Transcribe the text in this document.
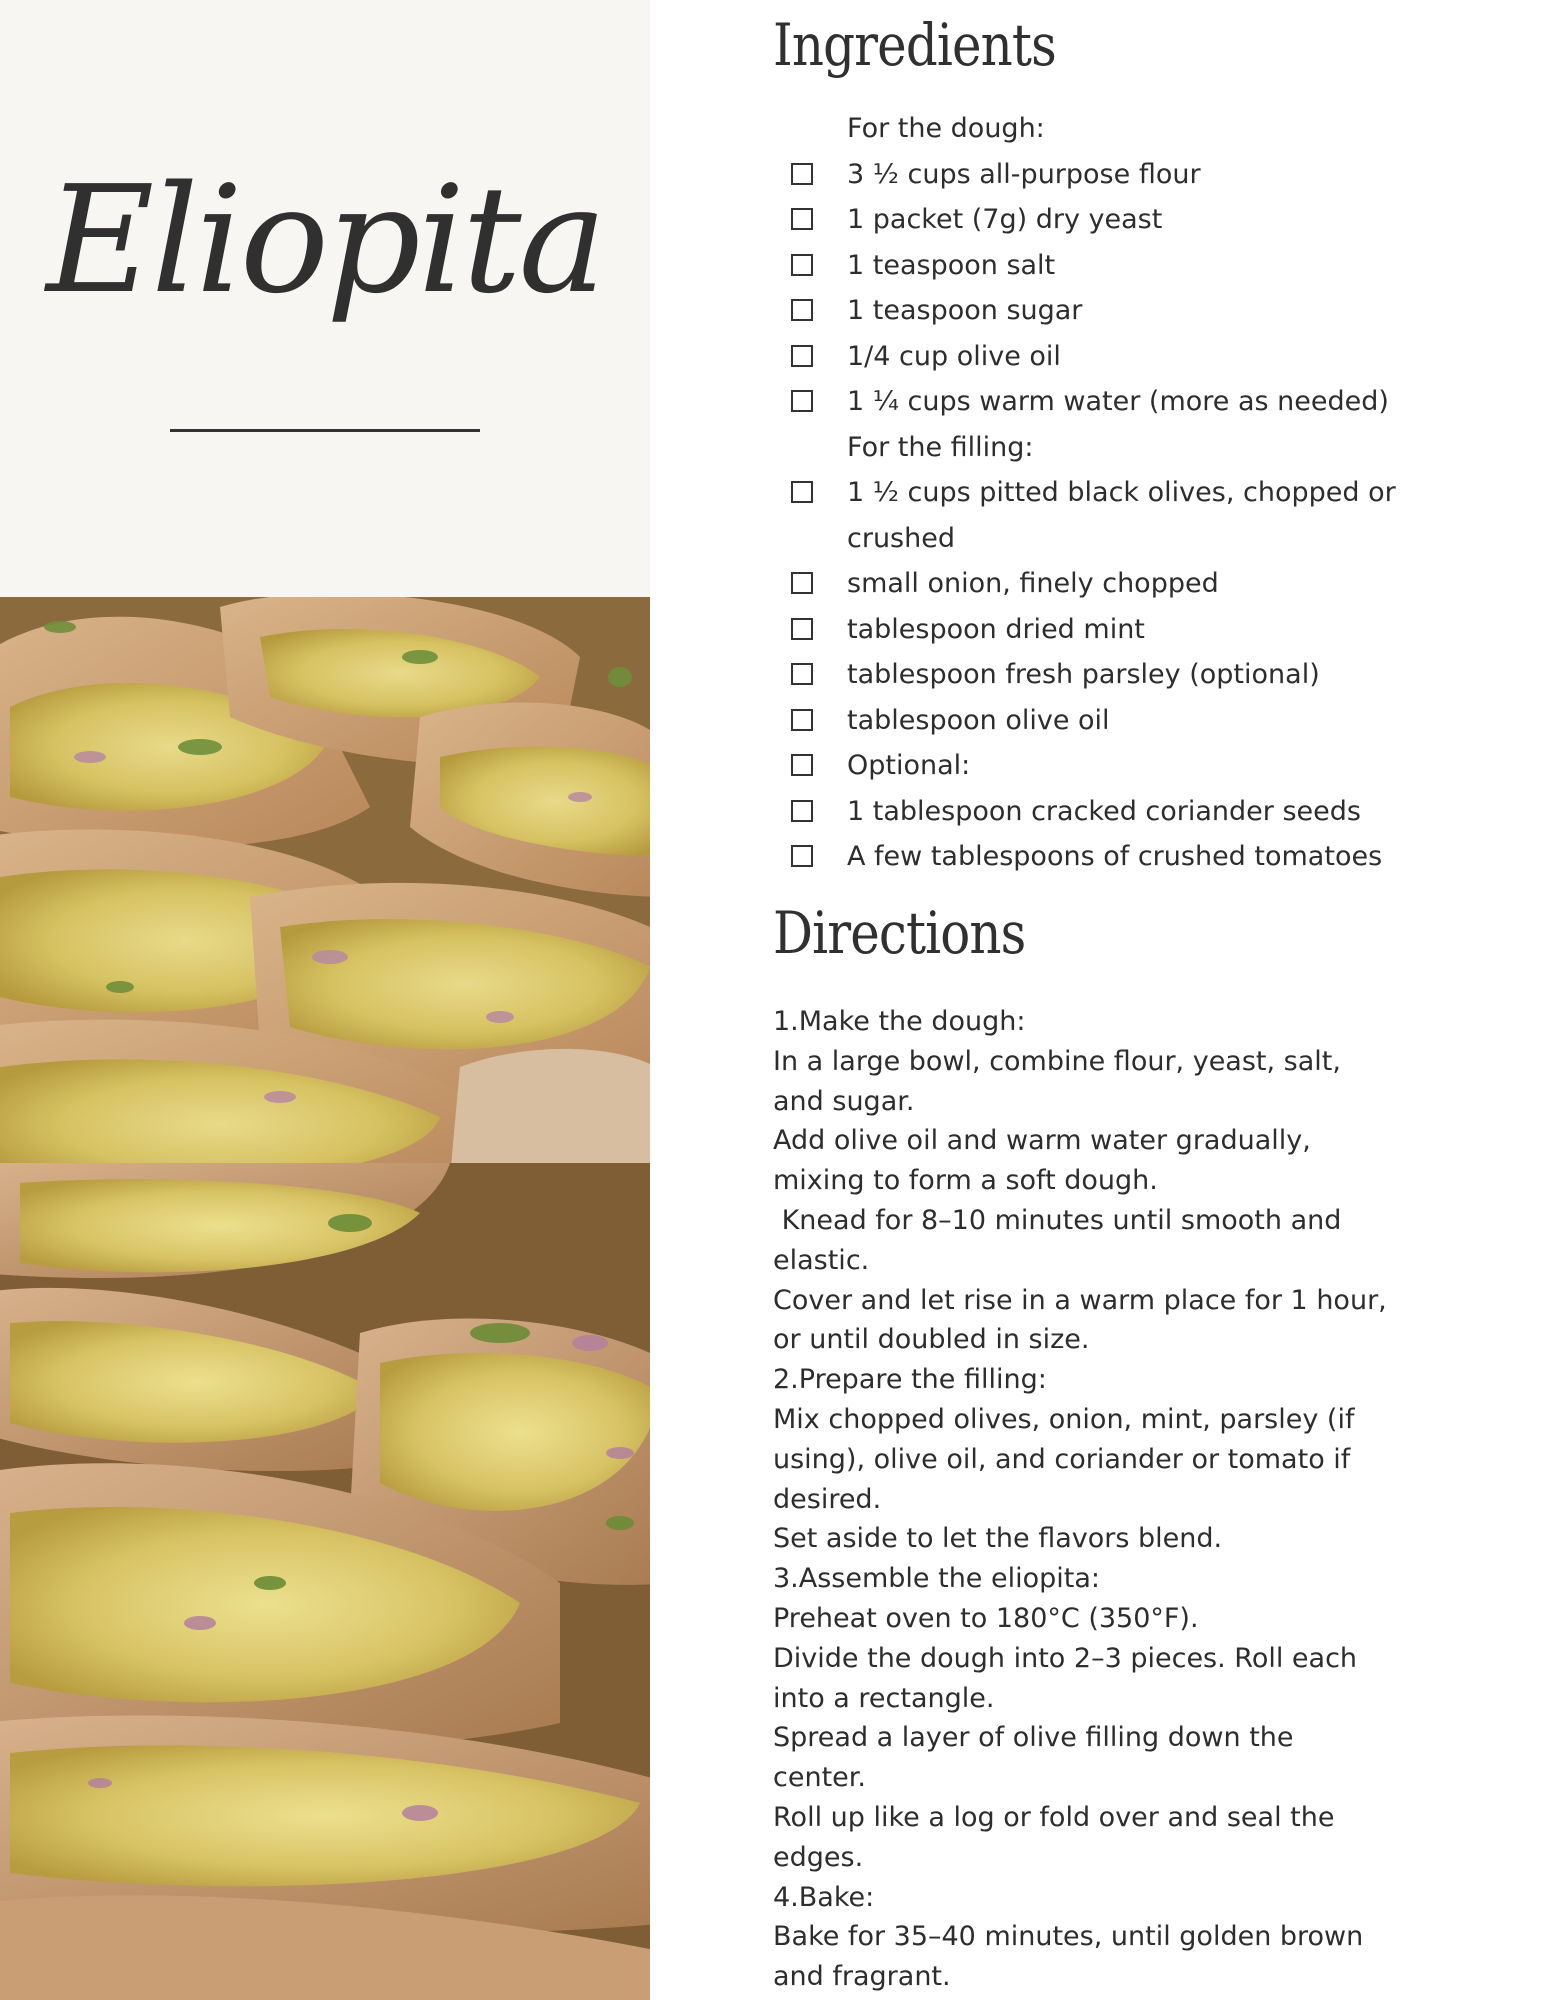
Eliopita
Ingredients
For the dough:
3 ½ cups all-purpose flour
1 packet (7g) dry yeast
1 teaspoon salt
1 teaspoon sugar
1/4 cup olive oil
1 ¼ cups warm water (more as needed)
For the filling:
1 ½ cups pitted black olives, chopped or crushed
small onion, finely chopped
tablespoon dried mint
tablespoon fresh parsley (optional)
tablespoon olive oil
Optional:
1 tablespoon cracked coriander seeds
A few tablespoons of crushed tomatoes
Directions
1.Make the dough:
In a large bowl, combine flour, yeast, salt,
and sugar.
Add olive oil and warm water gradually,
mixing to form a soft dough.
Knead for 8–10 minutes until smooth and
elastic.
Cover and let rise in a warm place for 1 hour,
or until doubled in size.
2.Prepare the filling:
Mix chopped olives, onion, mint, parsley (if
using), olive oil, and coriander or tomato if
desired.
Set aside to let the flavors blend.
3.Assemble the eliopita:
Preheat oven to 180°C (350°F).
Divide the dough into 2–3 pieces. Roll each
into a rectangle.
Spread a layer of olive filling down the
center.
Roll up like a log or fold over and seal the
edges.
4.Bake:
Bake for 35–40 minutes, until golden brown
and fragrant.
